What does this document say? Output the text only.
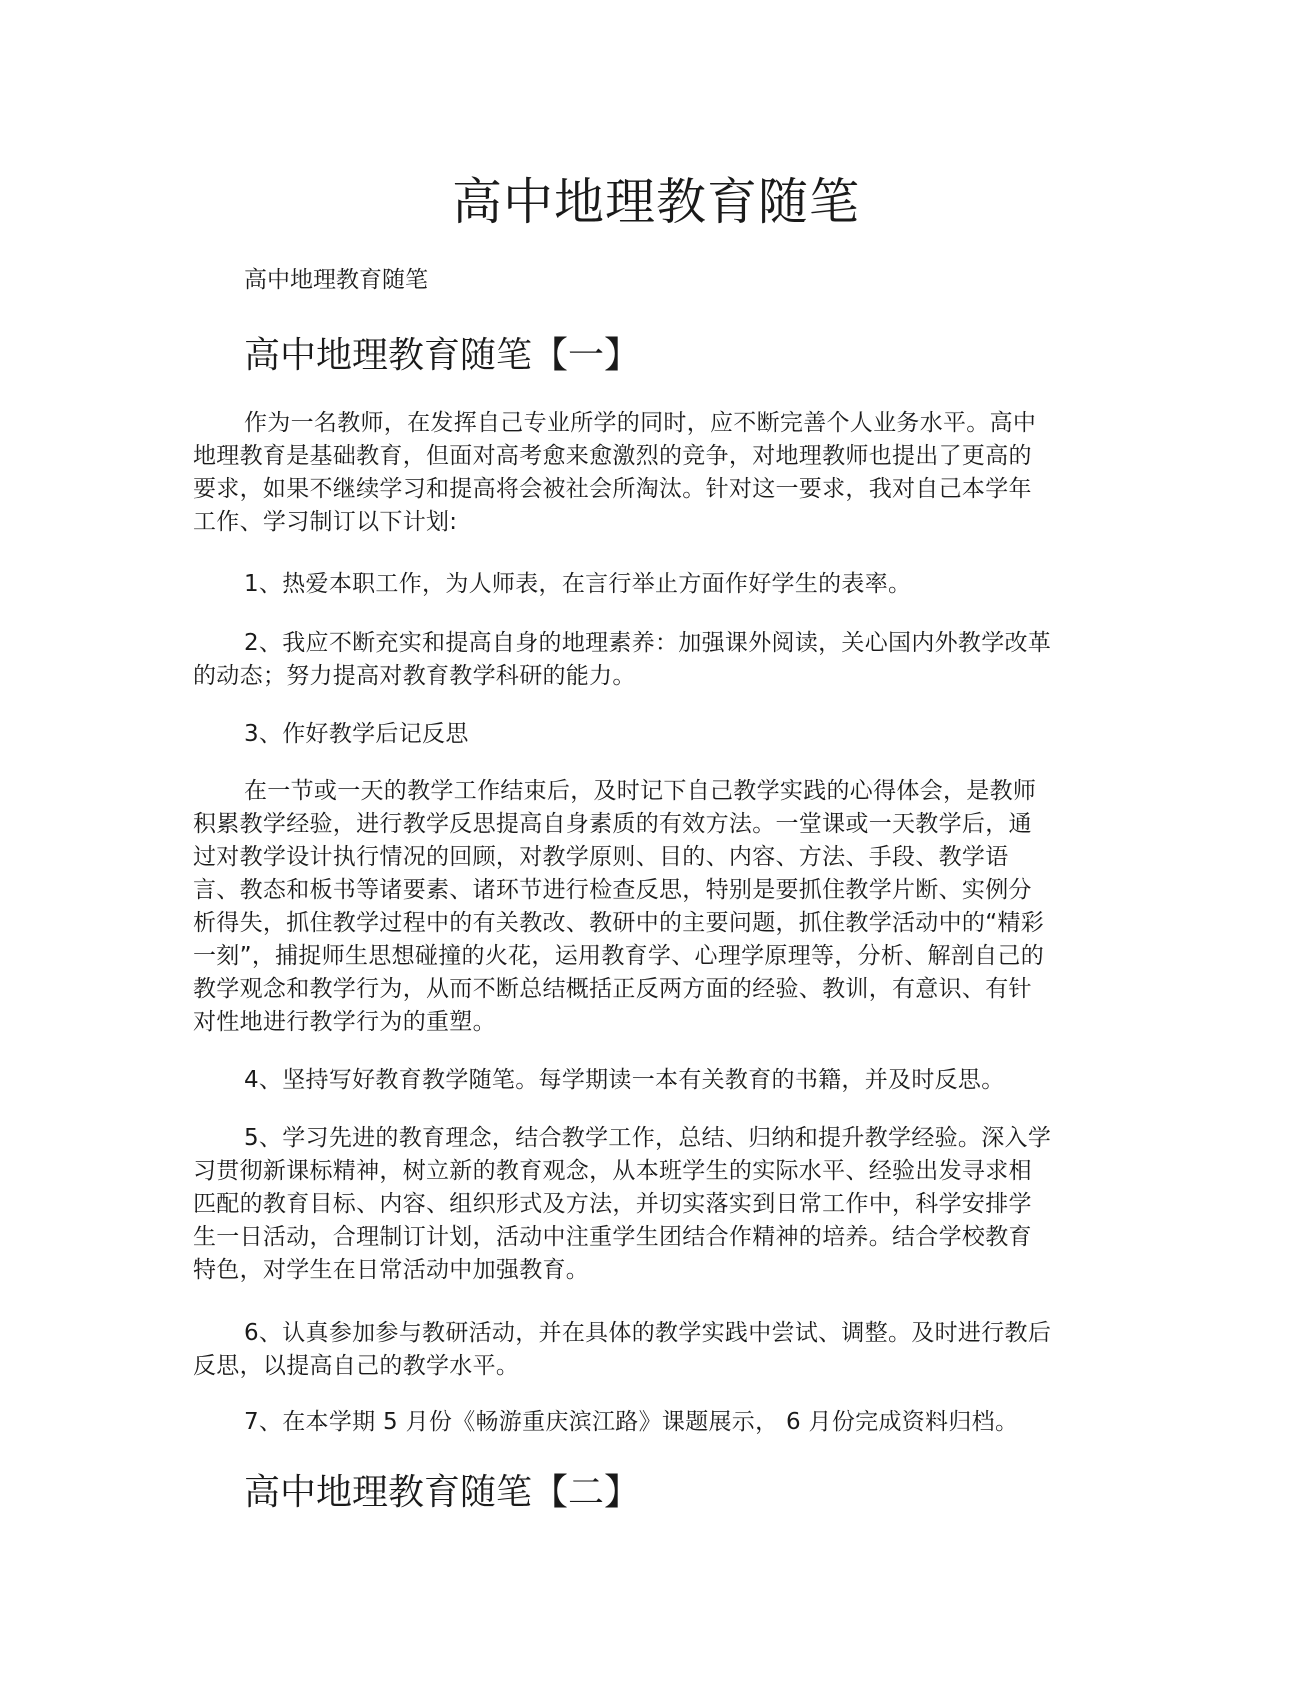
高中地理教育随笔

高中地理教育随笔

高中地理教育随笔【一】

作为一名教师，在发挥自己专业所学的同时，应不断完善个人业务水平。高中地理教育是基础教育，但面对高考愈来愈激烈的竞争，对地理教师也提出了更高的要求，如果不继续学习和提高将会被社会所淘汰。针对这一要求，我对自己本学年工作、学习制订以下计划:

1、热爱本职工作，为人师表，在言行举止方面作好学生的表率。

2、我应不断充实和提高自身的地理素养：加强课外阅读，关心国内外教学改革的动态；努力提高对教育教学科研的能力。

3、作好教学后记反思

在一节或一天的教学工作结束后，及时记下自己教学实践的心得体会，是教师积累教学经验，进行教学反思提高自身素质的有效方法。一堂课或一天教学后，通过对教学设计执行情况的回顾，对教学原则、目的、内容、方法、手段、教学语言、教态和板书等诸要素、诸环节进行检查反思，特别是要抓住教学片断、实例分析得失，抓住教学过程中的有关教改、教研中的主要问题，抓住教学活动中的“精彩一刻”，捕捉师生思想碰撞的火花，运用教育学、心理学原理等，分析、解剖自己的教学观念和教学行为，从而不断总结概括正反两方面的经验、教训，有意识、有针对性地进行教学行为的重塑。

4、坚持写好教育教学随笔。每学期读一本有关教育的书籍，并及时反思。

5、学习先进的教育理念，结合教学工作，总结、归纳和提升教学经验。深入学习贯彻新课标精神，树立新的教育观念，从本班学生的实际水平、经验出发寻求相匹配的教育目标、内容、组织形式及方法，并切实落实到日常工作中，科学安排学生一日活动，合理制订计划，活动中注重学生团结合作精神的培养。结合学校教育特色，对学生在日常活动中加强教育。

6、认真参加参与教研活动，并在具体的教学实践中尝试、调整。及时进行教后反思，以提高自己的教学水平。

7、在本学期 5 月份《畅游重庆滨江路》课题展示， 6 月份完成资料归档。

高中地理教育随笔【二】
